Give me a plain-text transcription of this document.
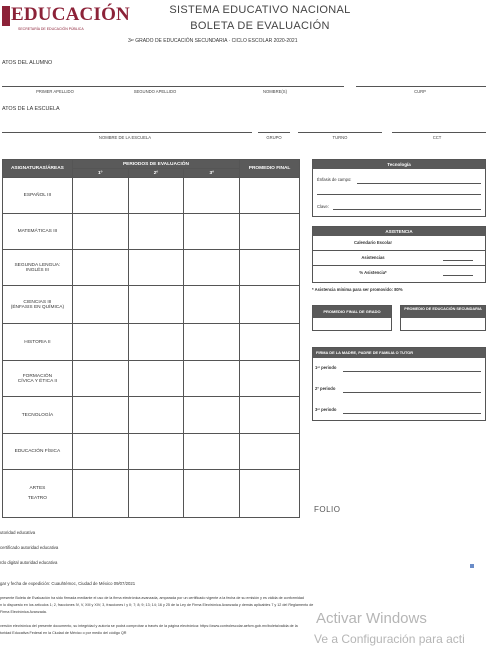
EDUCACIÓN
SECRETARÍA DE EDUCACIÓN PÚBLICA
SISTEMA EDUCATIVO NACIONAL
BOLETA DE EVALUACIÓN
3ᵉʳ GRADO DE EDUCACIÓN SECUNDARIA · CICLO ESCOLAR 2020-2021
ATOS DEL ALUMNO
PRIMER APELLIDO	SEGUNDO APELLIDO	NOMBRE(S)	CURP
ATOS DE LA ESCUELA
NOMBRE DE LA ESCUELA	GRUPO	TURNO	CCT
ASIGNATURAS/ÁREAS	PERIODOS DE EVALUACIÓN			PROMEDIO FINAL
	1º	2º	3º	
ESPAÑOL III				
MATEMÁTICAS III				
SEGUNDA LENGUA:
INGLÉS III				
CIENCIAS III
(ÉNFASIS EN QUÍMICA)				
HISTORIA II				
FORMACIÓN
CÍVICA Y ÉTICA II				
TECNOLOGÍA				
EDUCACIÓN FÍSICA				
ARTES

TEATRO				
Tecnología
Énfasis de campo:
Clave:
ASISTENCIA
Calendario Escolar
Asistencias
% Asistencia*
* Asistencia mínima para ser promovido: 80%
PROMEDIO FINAL DE GRADO	PROMEDIO DE EDUCACIÓN SECUNDARIA
FIRMA DE LA MADRE, PADRE DE FAMILIA O TUTOR
1ᵉʳ periodo
2º periodo
3ᵉʳ periodo
FOLIO
utoridad educativa
certificado autoridad educativa
rdo digital autoridad educativa
gar y fecha de expedición: Cuauhtémoc, Ciudad de México 09/07/2021
presente Boleta de Evaluación ha sido firmada mediante el uso de la firma electrónica avanzada, amparada por un certificado vigente a la fecha de su emisión y es válida de conformidad
n lo dispuesto en los artículos 1; 2, fracciones IV, V, XIII y XIV; 3, fracciones I y II; 7; 8; 9; 13; 14; 16 y 25 de la Ley de Firma Electrónica Avanzada y demás aplicables 7 y 12 del Reglamento de
Firma Electrónica Avanzada.
versión electrónica del presente documento, su integridad y autoría se podrá comprobar a través de la página electrónica: https://www.controlescolar.aefcm.gob.mx/boleta/valida de la
toridad Educativa Federal en la Ciudad de México o por medio del código QR
Activar Windows
Ve a Configuración para acti
